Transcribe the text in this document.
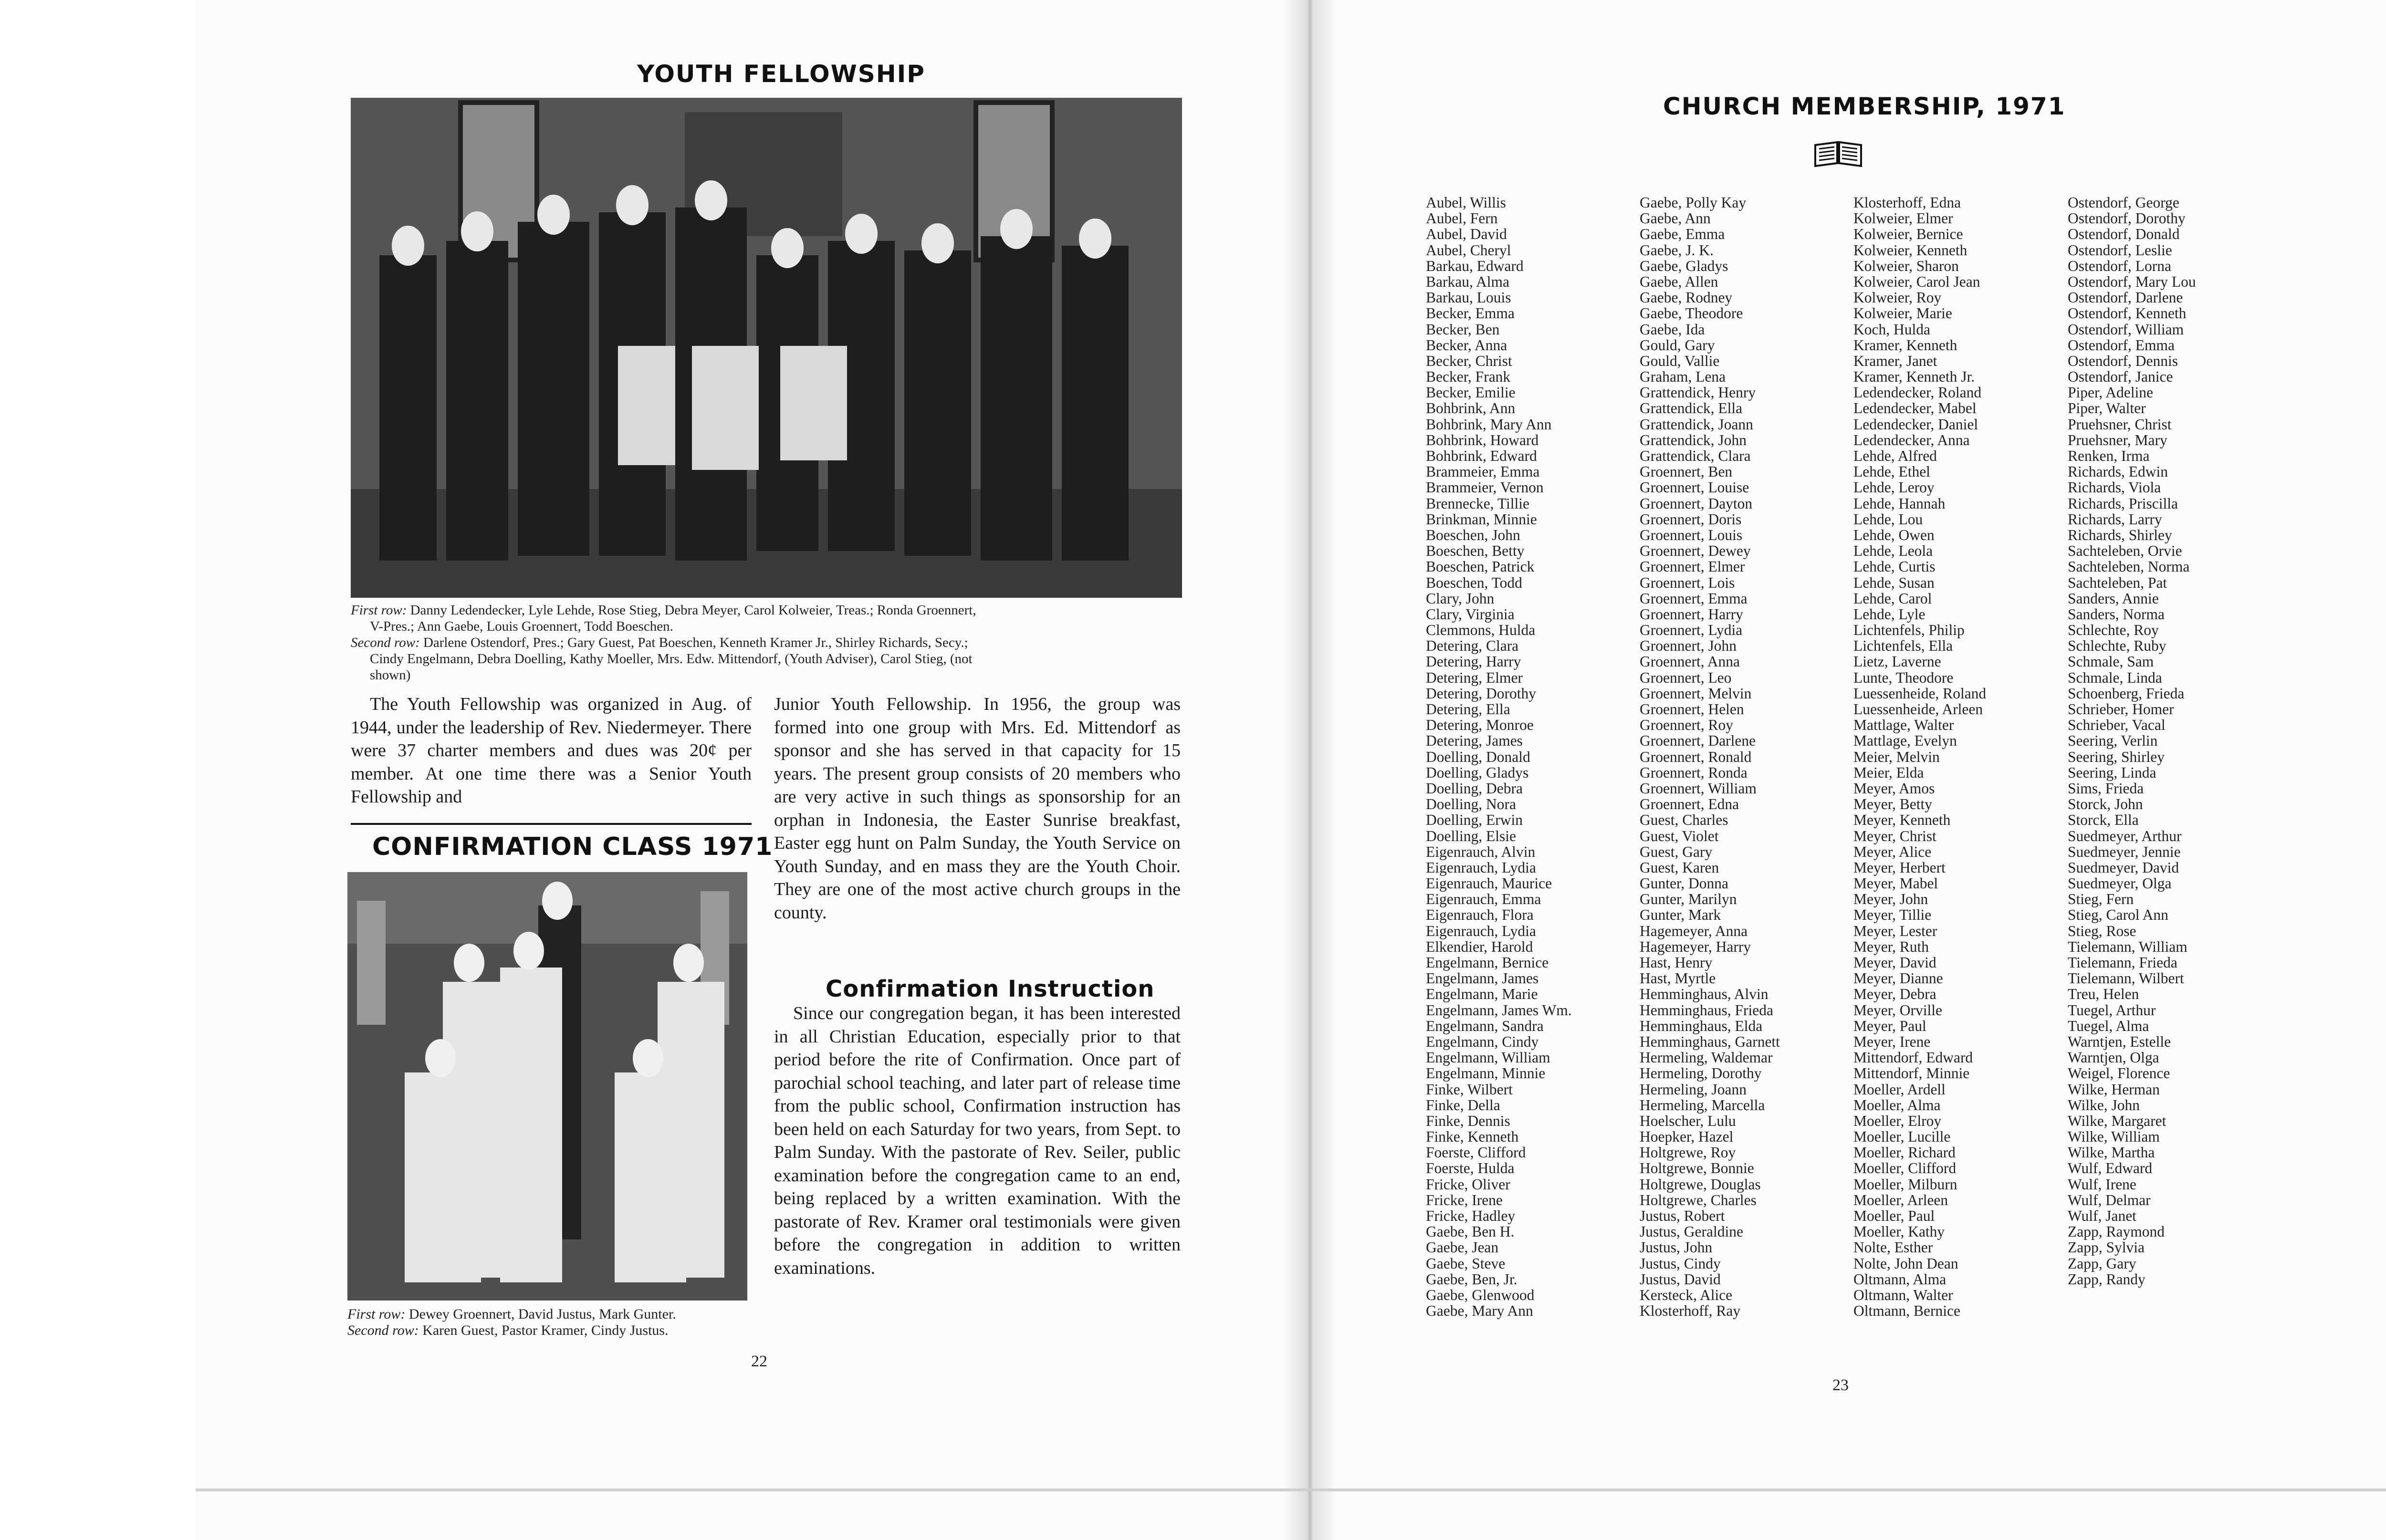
YOUTH FELLOWSHIP
First row: Danny Ledendecker, Lyle Lehde, Rose Stieg, Debra Meyer, Carol Kolweier, Treas.; Ronda Groennert,
V-Pres.; Ann Gaebe, Louis Groennert, Todd Boeschen.
Second row: Darlene Ostendorf, Pres.; Gary Guest, Pat Boeschen, Kenneth Kramer Jr., Shirley Richards, Secy.;
Cindy Engelmann, Debra Doelling, Kathy Moeller, Mrs. Edw. Mittendorf, (Youth Adviser), Carol Stieg, (not
shown)

The Youth Fellowship was organized in Aug. of 1944, under the leadership of Rev. Niedermeyer. There were 37 charter members and dues was 20¢ per member. At one time there was a Senior Youth Fellowship and

CONFIRMATION CLASS 1971
First row: Dewey Groennert, David Justus, Mark Gunter.
Second row: Karen Guest, Pastor Kramer, Cindy Justus.

Junior Youth Fellowship. In 1956, the group was formed into one group with Mrs. Ed. Mittendorf as sponsor and she has served in that capacity for 15 years. The present group consists of 20 members who are very active in such things as sponsorship for an orphan in Indonesia, the Easter Sunrise breakfast, Easter egg hunt on Palm Sunday, the Youth Service on Youth Sunday, and en mass they are the Youth Choir. They are one of the most active church groups in the county.

Confirmation Instruction

Since our congregation began, it has been interested in all Christian Education, especially prior to that period before the rite of Confirmation. Once part of parochial school teaching, and later part of release time from the public school, Confirmation instruction has been held on each Saturday for two years, from Sept. to Palm Sunday. With the pastorate of Rev. Seiler, public examination before the congregation came to an end, being replaced by a written examination. With the pastorate of Rev. Kramer oral testimonials were given before the congregation in addition to written examinations.

22
CHURCH MEMBERSHIP, 1971
Aubel, Willis
Aubel, Fern
Aubel, David
Aubel, Cheryl
Barkau, Edward
Barkau, Alma
Barkau, Louis
Becker, Emma
Becker, Ben
Becker, Anna
Becker, Christ
Becker, Frank
Becker, Emilie
Bohbrink, Ann
Bohbrink, Mary Ann
Bohbrink, Howard
Bohbrink, Edward
Brammeier, Emma
Brammeier, Vernon
Brennecke, Tillie
Brinkman, Minnie
Boeschen, John
Boeschen, Betty
Boeschen, Patrick
Boeschen, Todd
Clary, John
Clary, Virginia
Clemmons, Hulda
Detering, Clara
Detering, Harry
Detering, Elmer
Detering, Dorothy
Detering, Ella
Detering, Monroe
Detering, James
Doelling, Donald
Doelling, Gladys
Doelling, Debra
Doelling, Nora
Doelling, Erwin
Doelling, Elsie
Eigenrauch, Alvin
Eigenrauch, Lydia
Eigenrauch, Maurice
Eigenrauch, Emma
Eigenrauch, Flora
Eigenrauch, Lydia
Elkendier, Harold
Engelmann, Bernice
Engelmann, James
Engelmann, Marie
Engelmann, James Wm.
Engelmann, Sandra
Engelmann, Cindy
Engelmann, William
Engelmann, Minnie
Finke, Wilbert
Finke, Della
Finke, Dennis
Finke, Kenneth
Foerste, Clifford
Foerste, Hulda
Fricke, Oliver
Fricke, Irene
Fricke, Hadley
Gaebe, Ben H.
Gaebe, Jean
Gaebe, Steve
Gaebe, Ben, Jr.
Gaebe, Glenwood
Gaebe, Mary Ann
Gaebe, Polly Kay
Gaebe, Ann
Gaebe, Emma
Gaebe, J. K.
Gaebe, Gladys
Gaebe, Allen
Gaebe, Rodney
Gaebe, Theodore
Gaebe, Ida
Gould, Gary
Gould, Vallie
Graham, Lena
Grattendick, Henry
Grattendick, Ella
Grattendick, Joann
Grattendick, John
Grattendick, Clara
Groennert, Ben
Groennert, Louise
Groennert, Dayton
Groennert, Doris
Groennert, Louis
Groennert, Dewey
Groennert, Elmer
Groennert, Lois
Groennert, Emma
Groennert, Harry
Groennert, Lydia
Groennert, John
Groennert, Anna
Groennert, Leo
Groennert, Melvin
Groennert, Helen
Groennert, Roy
Groennert, Darlene
Groennert, Ronald
Groennert, Ronda
Groennert, William
Groennert, Edna
Guest, Charles
Guest, Violet
Guest, Gary
Guest, Karen
Gunter, Donna
Gunter, Marilyn
Gunter, Mark
Hagemeyer, Anna
Hagemeyer, Harry
Hast, Henry
Hast, Myrtle
Hemminghaus, Alvin
Hemminghaus, Frieda
Hemminghaus, Elda
Hemminghaus, Garnett
Hermeling, Waldemar
Hermeling, Dorothy
Hermeling, Joann
Hermeling, Marcella
Hoelscher, Lulu
Hoepker, Hazel
Holtgrewe, Roy
Holtgrewe, Bonnie
Holtgrewe, Douglas
Holtgrewe, Charles
Justus, Robert
Justus, Geraldine
Justus, John
Justus, Cindy
Justus, David
Kersteck, Alice
Klosterhoff, Ray
Klosterhoff, Edna
Kolweier, Elmer
Kolweier, Bernice
Kolweier, Kenneth
Kolweier, Sharon
Kolweier, Carol Jean
Kolweier, Roy
Kolweier, Marie
Koch, Hulda
Kramer, Kenneth
Kramer, Janet
Kramer, Kenneth Jr.
Ledendecker, Roland
Ledendecker, Mabel
Ledendecker, Daniel
Ledendecker, Anna
Lehde, Alfred
Lehde, Ethel
Lehde, Leroy
Lehde, Hannah
Lehde, Lou
Lehde, Owen
Lehde, Leola
Lehde, Curtis
Lehde, Susan
Lehde, Carol
Lehde, Lyle
Lichtenfels, Philip
Lichtenfels, Ella
Lietz, Laverne
Lunte, Theodore
Luessenheide, Roland
Luessenheide, Arleen
Mattlage, Walter
Mattlage, Evelyn
Meier, Melvin
Meier, Elda
Meyer, Amos
Meyer, Betty
Meyer, Kenneth
Meyer, Christ
Meyer, Alice
Meyer, Herbert
Meyer, Mabel
Meyer, John
Meyer, Tillie
Meyer, Lester
Meyer, Ruth
Meyer, David
Meyer, Dianne
Meyer, Debra
Meyer, Orville
Meyer, Paul
Meyer, Irene
Mittendorf, Edward
Mittendorf, Minnie
Moeller, Ardell
Moeller, Alma
Moeller, Elroy
Moeller, Lucille
Moeller, Richard
Moeller, Clifford
Moeller, Milburn
Moeller, Arleen
Moeller, Paul
Moeller, Kathy
Nolte, Esther
Nolte, John Dean
Oltmann, Alma
Oltmann, Walter
Oltmann, Bernice
Ostendorf, George
Ostendorf, Dorothy
Ostendorf, Donald
Ostendorf, Leslie
Ostendorf, Lorna
Ostendorf, Mary Lou
Ostendorf, Darlene
Ostendorf, Kenneth
Ostendorf, William
Ostendorf, Emma
Ostendorf, Dennis
Ostendorf, Janice
Piper, Adeline
Piper, Walter
Pruehsner, Christ
Pruehsner, Mary
Renken, Irma
Richards, Edwin
Richards, Viola
Richards, Priscilla
Richards, Larry
Richards, Shirley
Sachteleben, Orvie
Sachteleben, Norma
Sachteleben, Pat
Sanders, Annie
Sanders, Norma
Schlechte, Roy
Schlechte, Ruby
Schmale, Sam
Schmale, Linda
Schoenberg, Frieda
Schrieber, Homer
Schrieber, Vacal
Seering, Verlin
Seering, Shirley
Seering, Linda
Sims, Frieda
Storck, John
Storck, Ella
Suedmeyer, Arthur
Suedmeyer, Jennie
Suedmeyer, David
Suedmeyer, Olga
Stieg, Fern
Stieg, Carol Ann
Stieg, Rose
Tielemann, William
Tielemann, Frieda
Tielemann, Wilbert
Treu, Helen
Tuegel, Arthur
Tuegel, Alma
Warntjen, Estelle
Warntjen, Olga
Weigel, Florence
Wilke, Herman
Wilke, John
Wilke, Margaret
Wilke, William
Wilke, Martha
Wulf, Edward
Wulf, Irene
Wulf, Delmar
Wulf, Janet
Zapp, Raymond
Zapp, Sylvia
Zapp, Gary
Zapp, Randy
23
